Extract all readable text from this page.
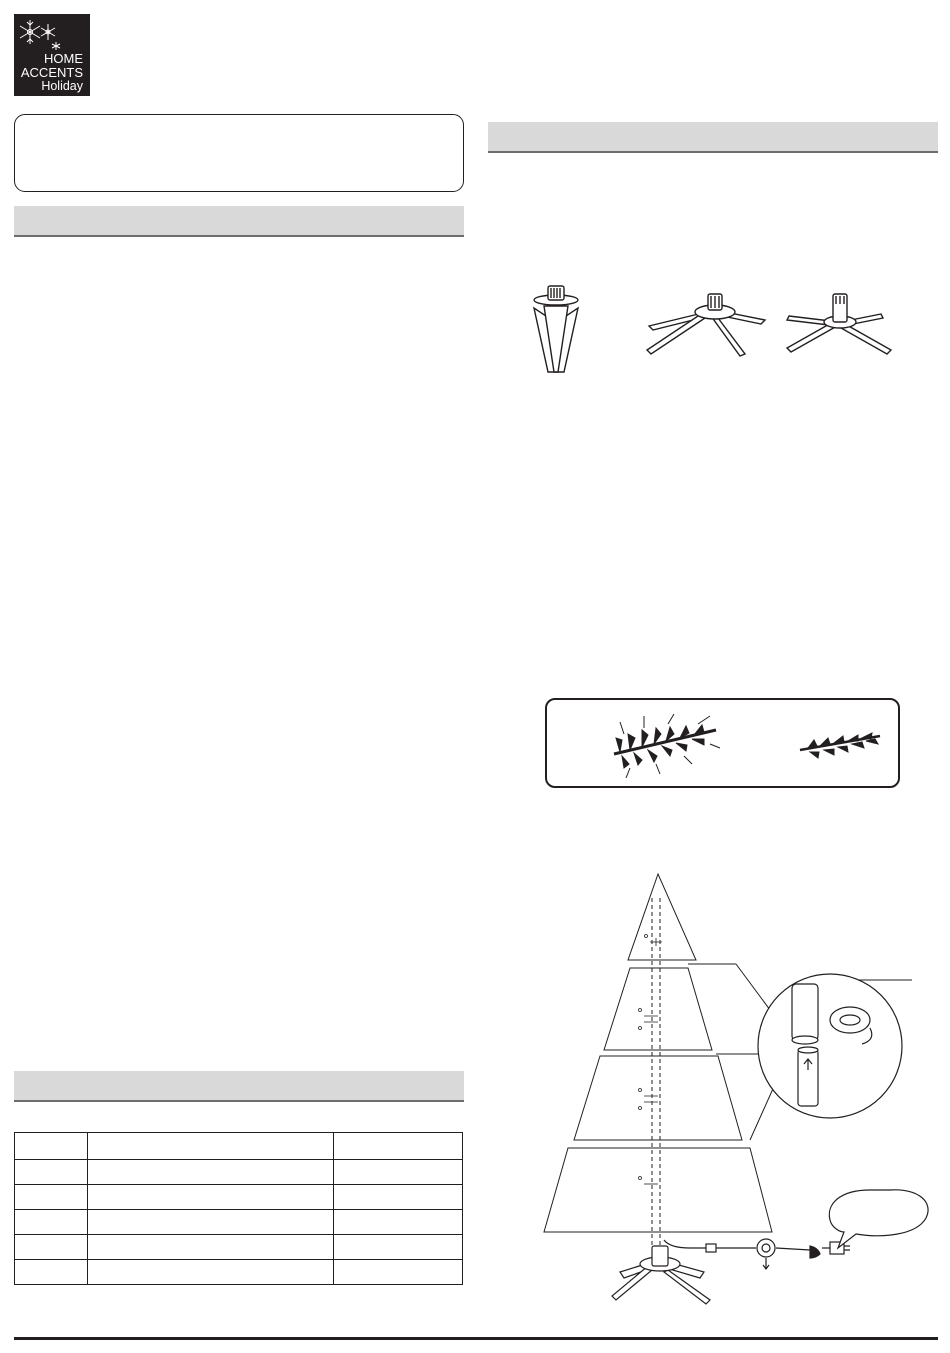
HOME
ACCENTS
Holiday
